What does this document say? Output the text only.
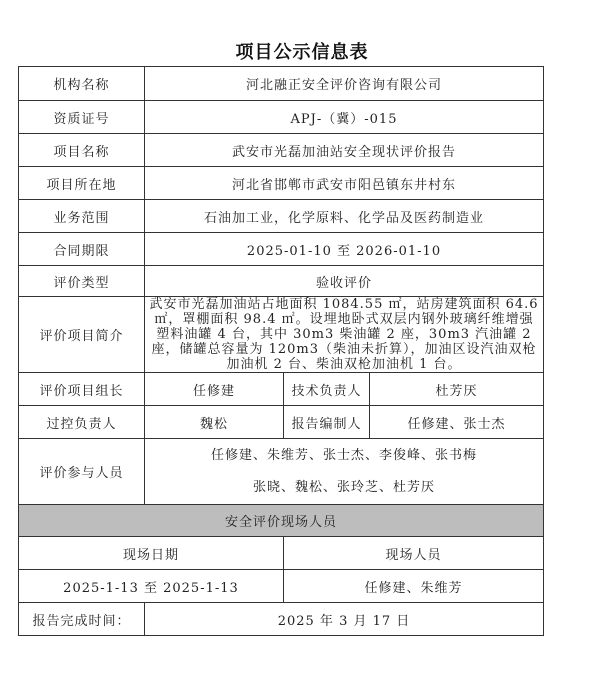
项目公示信息表
机构名称	河北融正安全评价咨询有限公司		
资质证号	APJ-（冀）-015		
项目名称	武安市光磊加油站安全现状评价报告		
项目所在地	河北省邯郸市武安市阳邑镇东井村东		
业务范围	石油加工业，化学原料、化学品及医药制造业		
合同期限	2025-01-10 至 2026-01-10		
评价类型	验收评价		
评价项目简介	武安市光磊加油站占地面积 1084.55 ㎡，站房建筑面积 64.6 ㎡，罩棚面积 98.4 ㎡。设埋地卧式双层内钢外玻璃纤维增强塑料油罐 4 台，其中 30m3 柴油罐 2 座，30m3 汽油罐 2 座，储罐总容量为 120m3（柴油未折算），加油区设汽油双枪加油机 2 台、柴油双枪加油机 1 台。		
评价项目组长	任修建	技术负责人	杜芳厌
过控负责人	魏松	报告编制人	任修建、张士杰
评价参与人员	任修建、朱维芳、张士杰、李俊峰、张书梅
张晓、魏松、张玲芝、杜芳厌		

安全评价现场人员			
现场日期		现场人员	
2025-1-13 至 2025-1-13		任修建、朱维芳	
报告完成时间：	2025 年 3 月 17 日		
